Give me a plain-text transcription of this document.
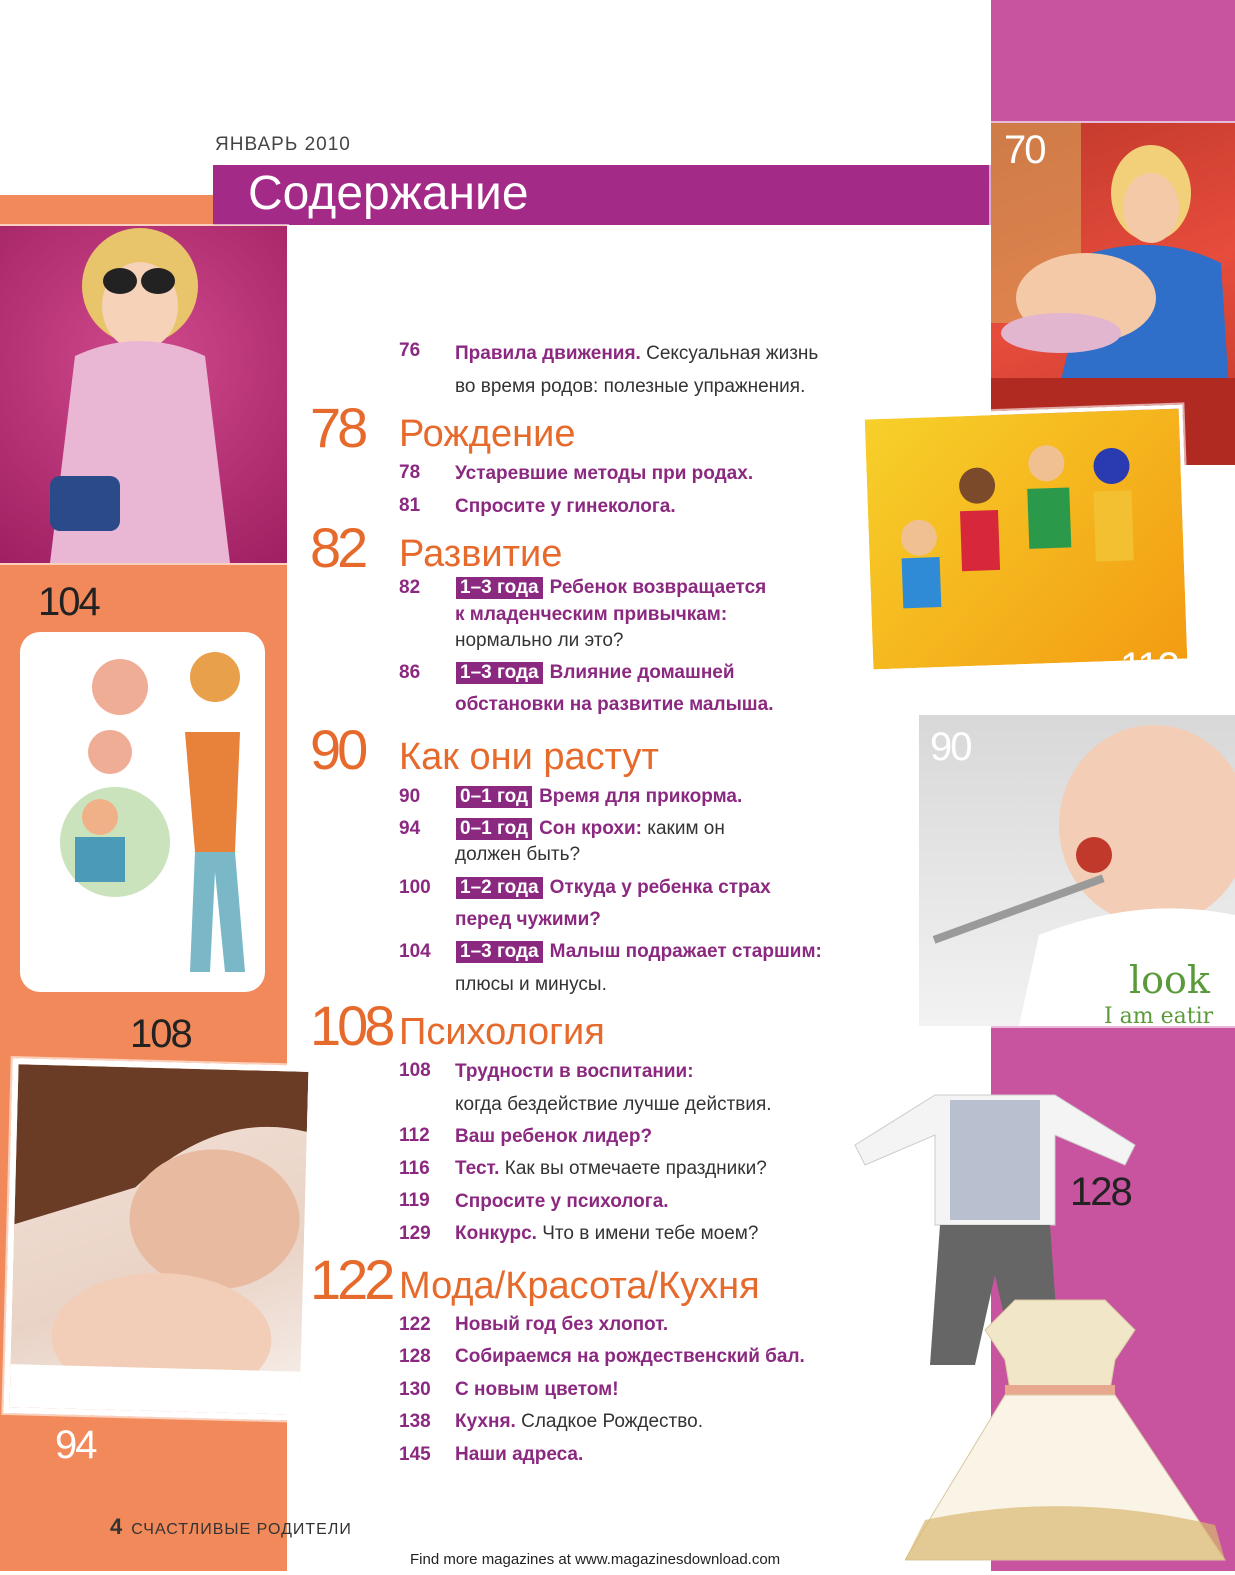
ЯНВАРЬ 2010
Содержание
104
108
94
70
112
look
I am eatir
90
128
76 Правила движения. Сексуальная жизнь
во время родов: полезные упражнения.
78 Рождение
78 Устаревшие методы при родах.
81 Спросите у гинеколога.
82 Развитие
82 1–3 года Ребенок возвращается
к младенческим привычкам:
нормально ли это?
86 1–3 года Влияние домашней
обстановки на развитие малыша.
90 Как они растут
90 0–1 год Время для прикорма.
94 0–1 год Сон крохи: каким он
должен быть?
100 1–2 года Откуда у ребенка страх
перед чужими?
104 1–3 года Малыш подражает старшим:
плюсы и минусы.
108 Психология
108 Трудности в воспитании:
когда бездействие лучше действия.
112 Ваш ребенок лидер?
116 Тест. Как вы отмечаете праздники?
119 Спросите у психолога.
129 Конкурс. Что в имени тебе моем?
122 Мода/Красота/Кухня
122 Новый год без хлопот.
128 Собираемся на рождественский бал.
130 С новым цветом!
138 Кухня. Сладкое Рождество.
145 Наши адреса.
4 СЧАСТЛИВЫЕ РОДИТЕЛИ
Find more magazines at www.magazinesdownload.com
